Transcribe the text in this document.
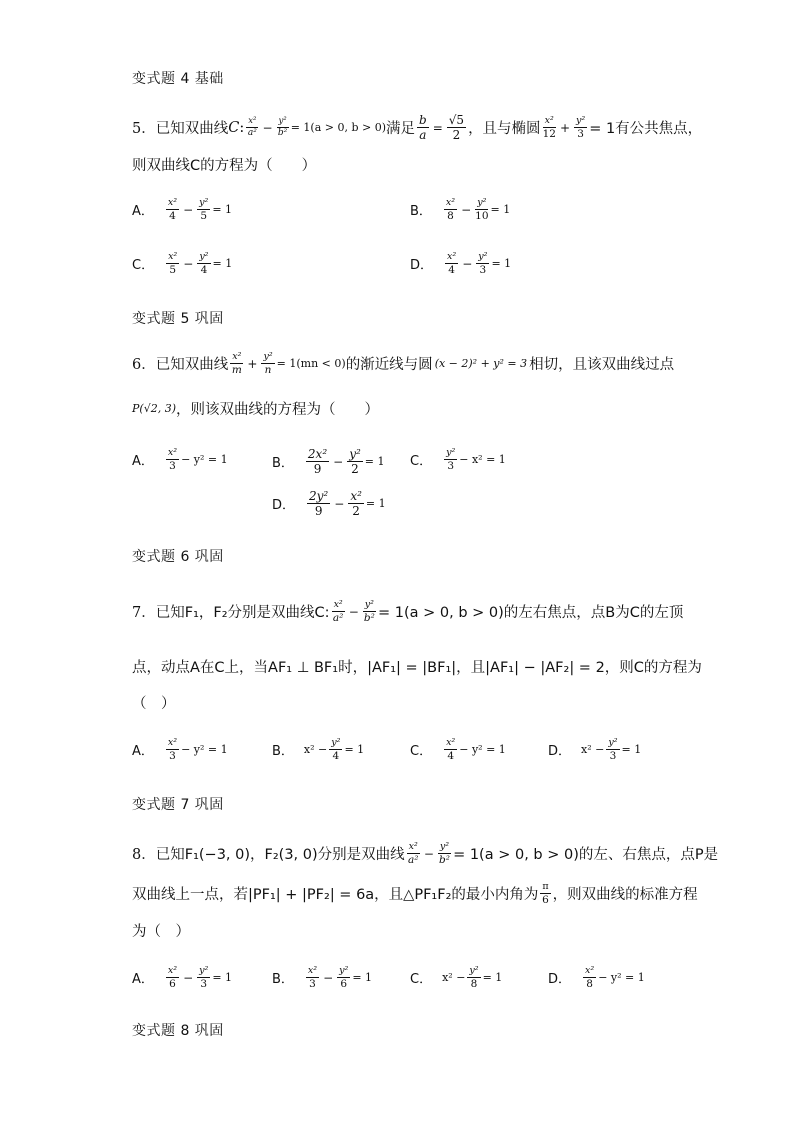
变式题 4 基础
5． 已知双曲线 C : $\frac{\text{x²}}{\text{a²}} - \frac{\text{y²}}{\text{b²}} = 1(a > 0$, b > 0) 满足 $\frac{b}{a} = \frac{√5}{2}$ ，且与椭圆 $\frac{\text{x²}}{12} + \frac{\text{y²}}{3} = 1$有公共焦点，
则双曲线C的方程为（　　）
A． $\frac{\text{x²}}{4} - \frac{\text{y²}}{5} = 1$	B． $\frac{\text{x²}}{8} - \frac{\text{y²}}{10} = 1$
C． $\frac{\text{x²}}{5} - \frac{\text{y²}}{4} = 1$	D． $\frac{\text{x²}}{4} - \frac{\text{y²}}{3} = 1$
变式题 5 巩固
6． 已知双曲线 $\frac{\text{x²}}{m} + \frac{\text{y²}}{n} = 1(mn < 0)$ 的渐近线与圆 (x − 2)² + y² = 3 相切，且该双曲线过点
P(√2, 3) ，则该双曲线的方程为（　　）
A． $\frac{\text{x²}}{3} - y^2 = 1$	B． $\frac{\text{2x²}}{9} - \frac{\text{y²}}{2} = 1$ C． $\frac{\text{y²}}{3} - x^2 = 1$
D． $\frac{\text{2y²}}{9} - \frac{\text{x²}}{2} = 1$
变式题 6 巩固
7． 已知F₁，F₂分别是双曲线C: $\frac{\text{x²}}{\text{a²}} - \frac{\text{y²}}{\text{b²}} = 1(a > 0$, b > 0)的左右焦点，点B为C的左顶
点，动点A在C上，当AF₁ ⊥ BF₁时，|AF₁| = |BF₁|，且|AF₁| − |AF₂| = 2，则C的方程为
（　）
A． $\frac{\text{x²}}{3} - y^2 = 1$	B． $x^2 - \frac{\text{y²}}{4} = 1$	C． $\frac{\text{x²}}{4} - y^2 = 1$	D． $x^2 - \frac{\text{y²}}{3} = 1$
变式题 7 巩固
8． 已知F₁(−3, 0)，F₂(3, 0)分别是双曲线 $\frac{\text{x²}}{\text{a²}} - \frac{\text{y²}}{\text{b²}} = 1(a > 0$, b > 0)的左、右焦点，点P是
双曲线上一点，若|PF₁| + |PF₂| = 6a，且△PF₁F₂的最小内角为 $\frac{\pi}{6}$ ，则双曲线的标准方程
为（　）
A． $\frac{\text{x²}}{6} - \frac{\text{y²}}{3} = 1$	B． $\frac{\text{x²}}{3} - \frac{\text{y²}}{6} = 1$	C． $x^2 - \frac{\text{y²}}{8} = 1$	D． $\frac{\text{x²}}{8} - y^2 = 1$
变式题 8 巩固
